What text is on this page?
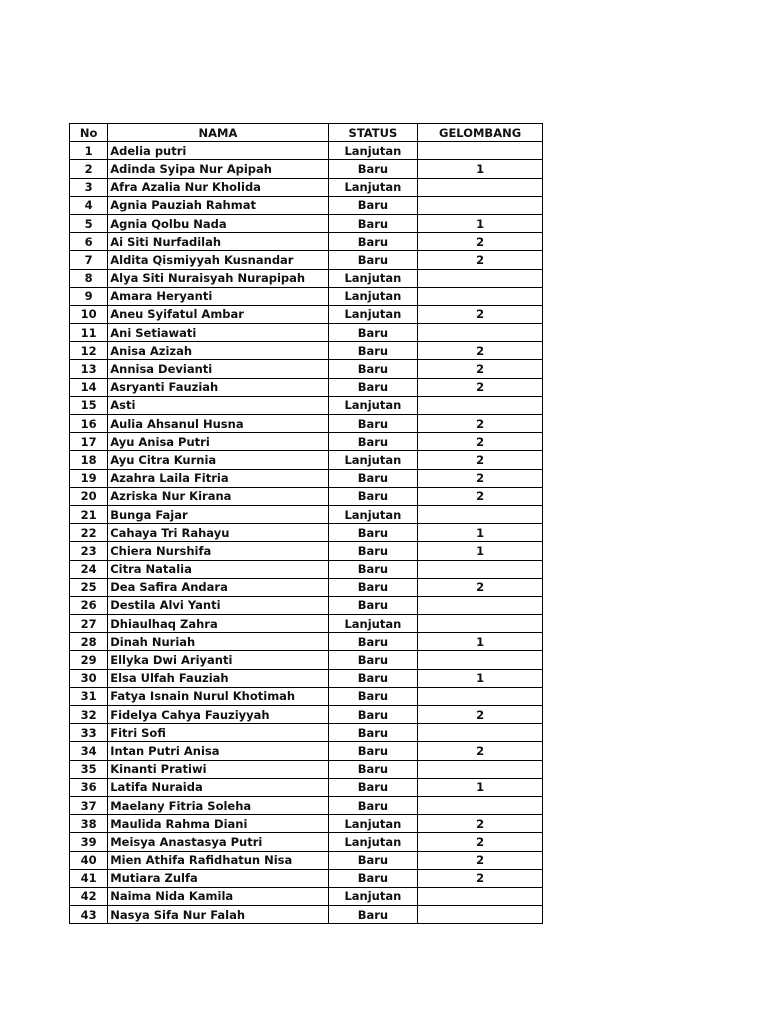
No	NAMA	STATUS	GELOMBANG
1	Adelia putri	Lanjutan	
2	Adinda Syipa Nur Apipah	Baru	1
3	Afra Azalia Nur Kholida	Lanjutan	
4	Agnia Pauziah Rahmat	Baru	
5	Agnia Qolbu Nada	Baru	1
6	Ai Siti Nurfadilah	Baru	2
7	Aldita Qismiyyah Kusnandar	Baru	2
8	Alya Siti Nuraisyah Nurapipah	Lanjutan	
9	Amara Heryanti	Lanjutan	
10	Aneu Syifatul Ambar	Lanjutan	2
11	Ani Setiawati	Baru	
12	Anisa Azizah	Baru	2
13	Annisa Devianti	Baru	2
14	Asryanti Fauziah	Baru	2
15	Asti	Lanjutan	
16	Aulia Ahsanul Husna	Baru	2
17	Ayu Anisa Putri	Baru	2
18	Ayu Citra Kurnia	Lanjutan	2
19	Azahra Laila Fitria	Baru	2
20	Azriska Nur Kirana	Baru	2
21	Bunga Fajar	Lanjutan	
22	Cahaya Tri Rahayu	Baru	1
23	Chiera Nurshifa	Baru	1
24	Citra Natalia	Baru	
25	Dea Safira Andara	Baru	2
26	Destila Alvi Yanti	Baru	
27	Dhiaulhaq Zahra	Lanjutan	
28	Dinah Nuriah	Baru	1
29	Ellyka Dwi Ariyanti	Baru	
30	Elsa Ulfah Fauziah	Baru	1
31	Fatya Isnain Nurul Khotimah	Baru	
32	Fidelya Cahya Fauziyyah	Baru	2
33	Fitri Sofi	Baru	
34	Intan Putri Anisa	Baru	2
35	Kinanti Pratiwi	Baru	
36	Latifa Nuraida	Baru	1
37	Maelany Fitria Soleha	Baru	
38	Maulida Rahma Diani	Lanjutan	2
39	Meisya Anastasya Putri	Lanjutan	2
40	Mien Athifa Rafidhatun Nisa	Baru	2
41	Mutiara Zulfa	Baru	2
42	Naima Nida Kamila	Lanjutan	
43	Nasya Sifa Nur Falah	Baru	
